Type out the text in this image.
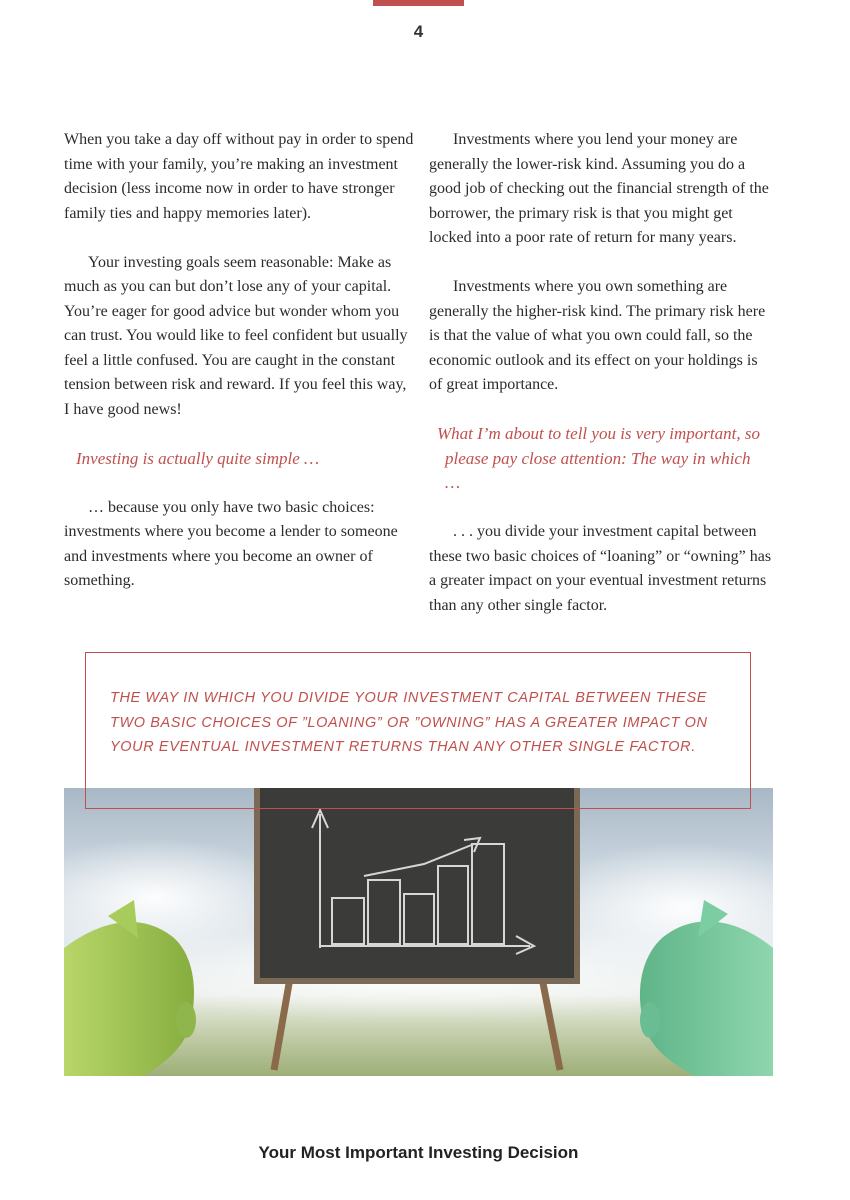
4

When you take a day off without pay in order to spend time with your family, you’re making an investment decision (less income now in order to have stronger family ties and happy memories later).

Your investing goals seem reasonable: Make as much as you can but don’t lose any of your capital. You’re eager for good advice but wonder whom you can trust. You would like to feel confident but usually feel a little confused. You are caught in the constant tension between risk and reward. If you feel this way, I have good news!

Investing is actually quite simple …

… because you only have two basic choices: investments where you become a lender to someone and investments where you become an owner of something.

Investments where you lend your money are generally the lower-risk kind. Assuming you do a good job of checking out the financial strength of the borrower, the primary risk is that you might get locked into a poor rate of return for many years.

Investments where you own something are generally the higher-risk kind. The primary risk here is that the value of what you own could fall, so the economic outlook and its effect on your holdings is of great importance.

What I’m about to tell you is very important, so please pay close attention: The way in which …

. . . you divide your investment capital between these two basic choices of “loaning” or “owning” has a greater impact on your eventual investment returns than any other single factor.

THE WAY IN WHICH YOU DIVIDE YOUR INVESTMENT CAPITAL BETWEEN THESE TWO BASIC CHOICES OF ”LOANING” OR ”OWNING” HAS A GREATER IMPACT ON YOUR EVENTUAL INVESTMENT RETURNS THAN ANY OTHER SINGLE FACTOR.
Your Most Important Investing Decision
